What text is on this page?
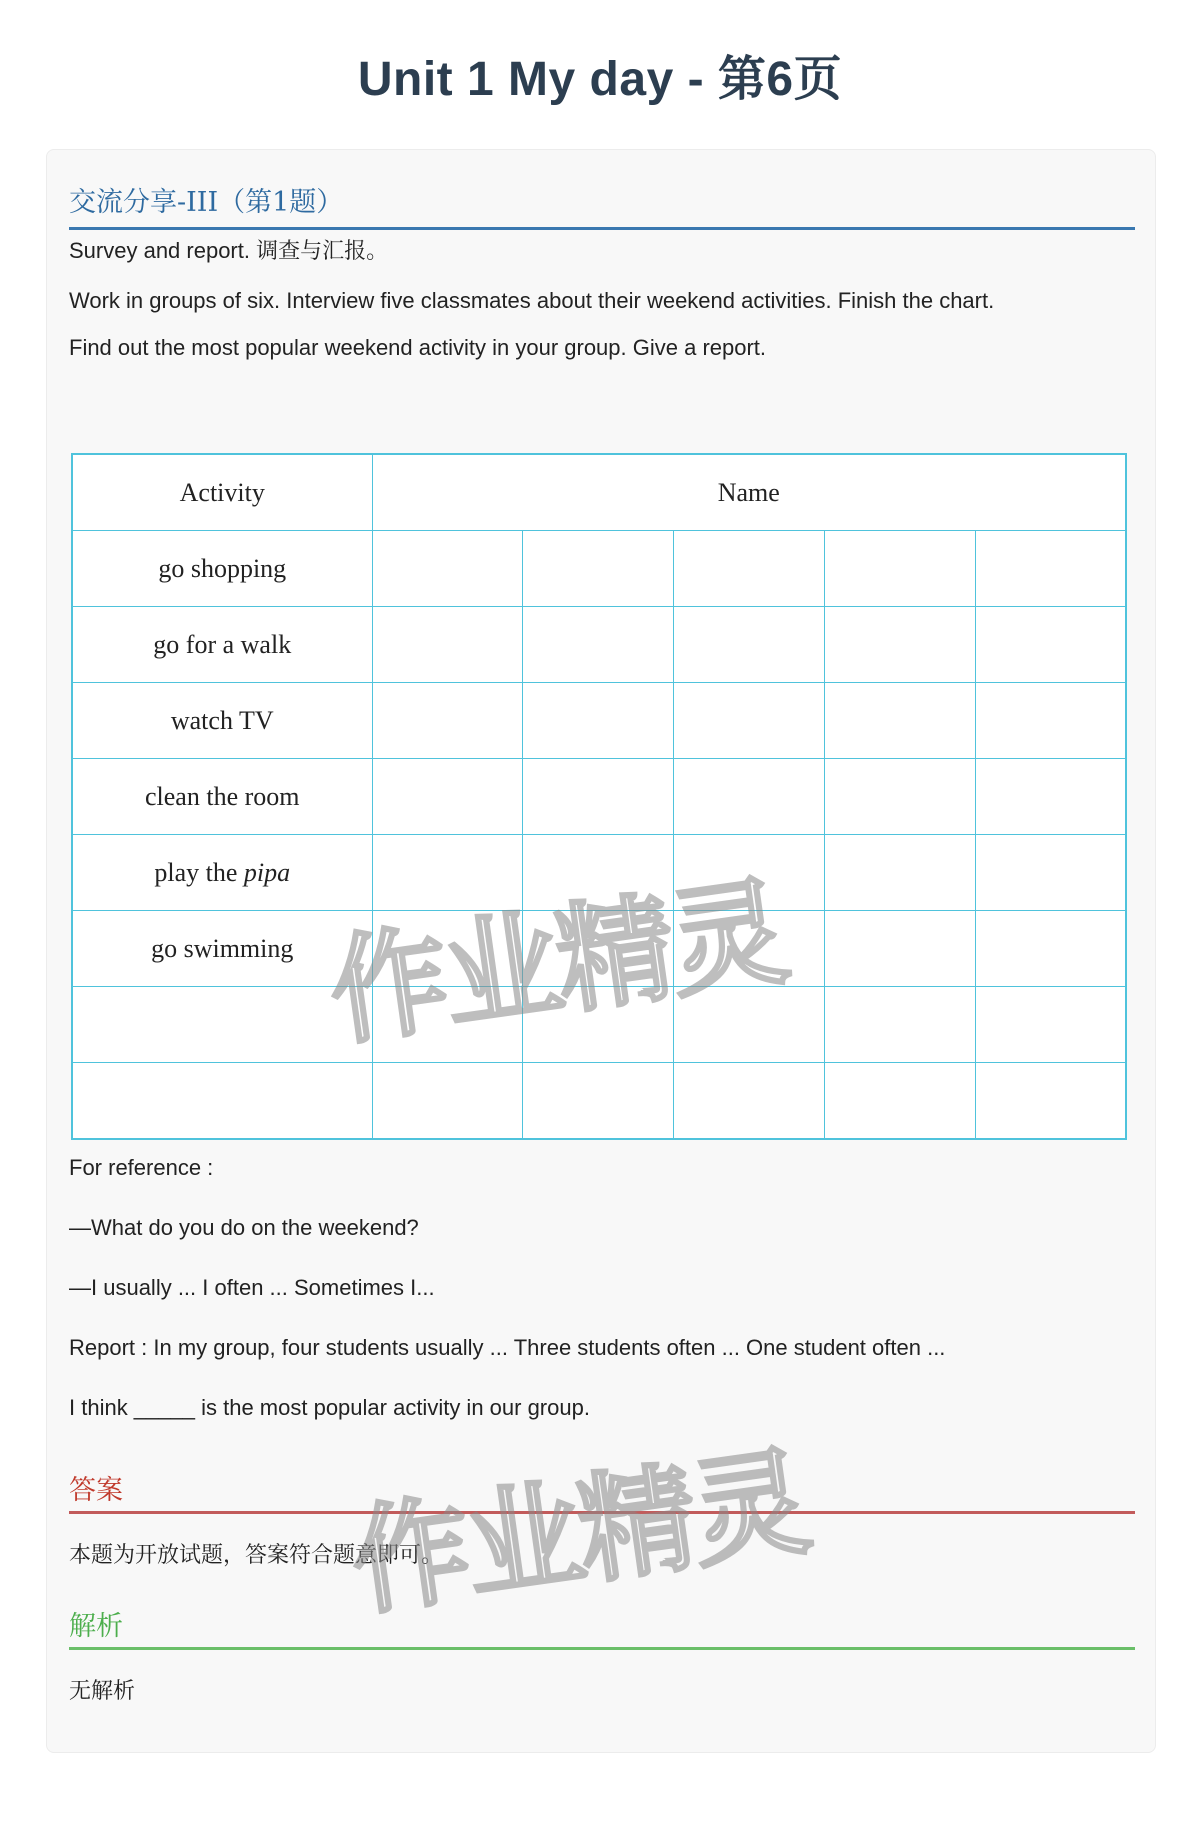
Unit 1 My day - 第6页
交流分享-III（第1题）
Survey and report. 调查与汇报。
Work in groups of six. Interview five classmates about their weekend activities. Finish the chart.
Find out the most popular weekend activity in your group. Give a report.
Activity	Name				
go shopping					
go for a walk					
watch TV					
clean the room					
play the pipa					
go swimming					

For reference :
—What do you do on the weekend?
—I usually ... I often ... Sometimes I...
Report : In my group, four students usually ... Three students often ... One student often ...
I think _____ is the most popular activity in our group.
答案
本题为开放试题，答案符合题意即可。
解析
无解析
